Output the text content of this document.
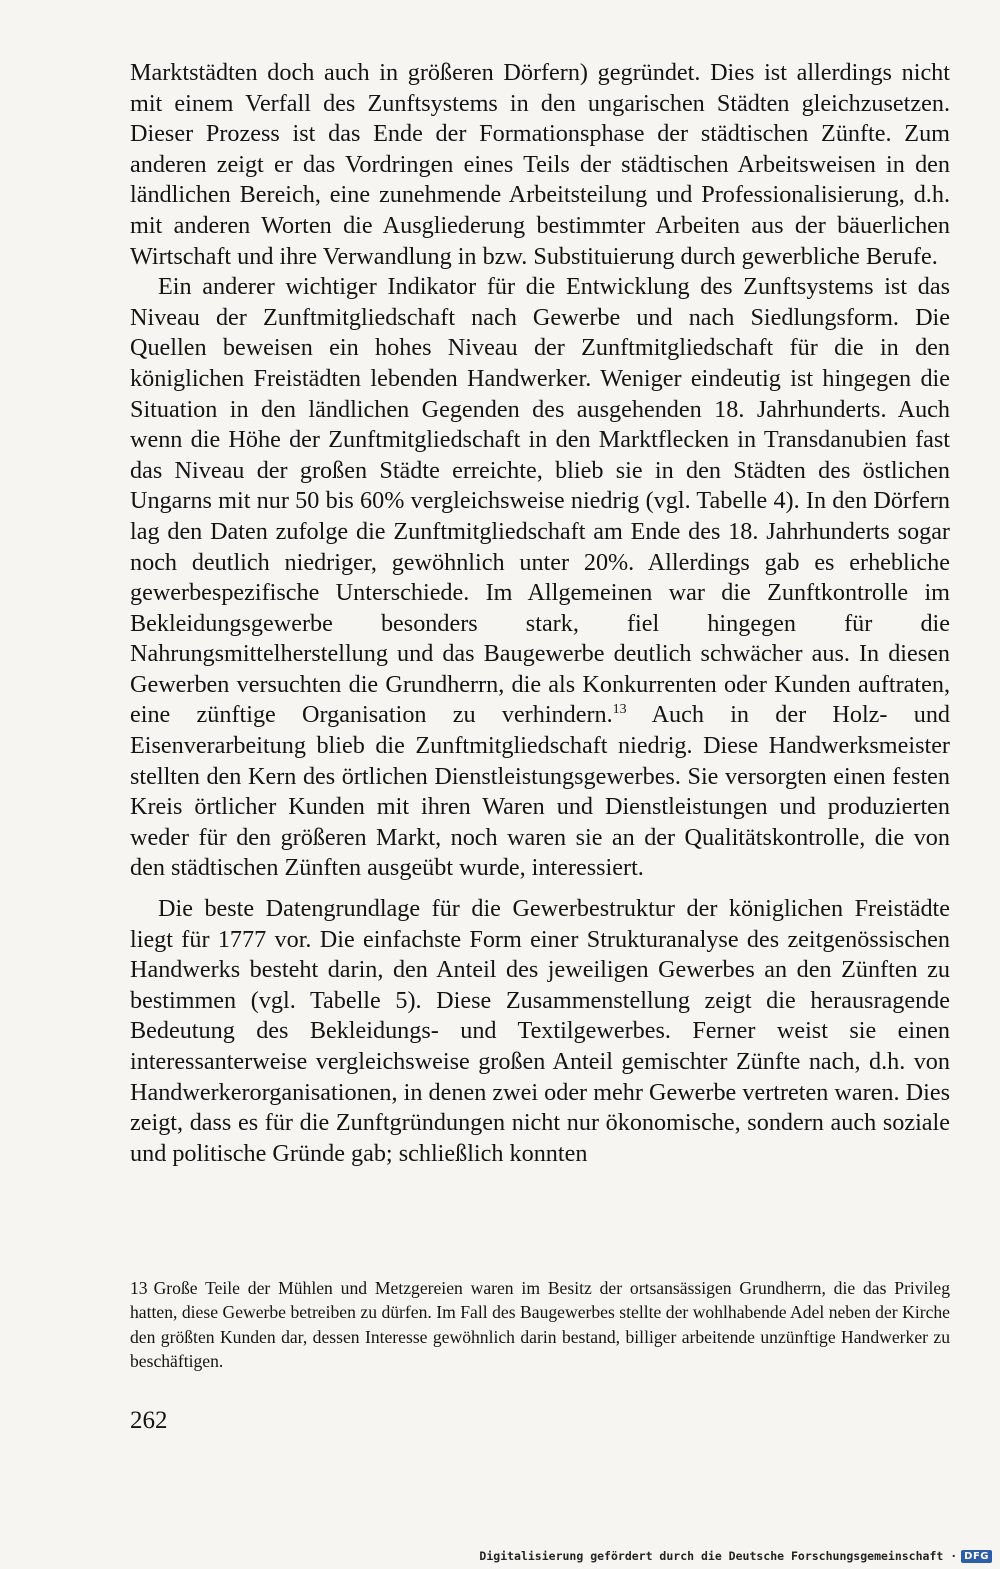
Marktstädten doch auch in größeren Dörfern) gegründet. Dies ist allerdings nicht mit einem Verfall des Zunftsystems in den ungarischen Städten gleichzusetzen. Dieser Prozess ist das Ende der Formationsphase der städtischen Zünfte. Zum anderen zeigt er das Vordringen eines Teils der städtischen Arbeitsweisen in den ländlichen Bereich, eine zunehmende Arbeitsteilung und Professionalisierung, d.h. mit anderen Worten die Ausgliederung bestimmter Arbeiten aus der bäuerlichen Wirtschaft und ihre Verwandlung in bzw. Substituierung durch gewerbliche Berufe.

Ein anderer wichtiger Indikator für die Entwicklung des Zunftsystems ist das Niveau der Zunftmitgliedschaft nach Gewerbe und nach Siedlungsform. Die Quellen beweisen ein hohes Niveau der Zunftmitgliedschaft für die in den königlichen Freistädten lebenden Handwerker. Weniger eindeutig ist hingegen die Situation in den ländlichen Gegenden des ausgehenden 18. Jahrhunderts. Auch wenn die Höhe der Zunftmitgliedschaft in den Marktflecken in Transdanubien fast das Niveau der großen Städte erreichte, blieb sie in den Städten des östlichen Ungarns mit nur 50 bis 60% vergleichsweise niedrig (vgl. Tabelle 4). In den Dörfern lag den Daten zufolge die Zunftmitgliedschaft am Ende des 18. Jahrhunderts sogar noch deutlich niedriger, gewöhnlich unter 20%. Allerdings gab es erhebliche gewerbespezifische Unterschiede. Im Allgemeinen war die Zunftkontrolle im Bekleidungsgewerbe besonders stark, fiel hingegen für die Nahrungsmittelherstellung und das Baugewerbe deutlich schwächer aus. In diesen Gewerben versuchten die Grundherrn, die als Konkurrenten oder Kunden auftraten, eine zünftige Organisation zu verhindern.$^{13}$ Auch in der Holz- und Eisenverarbeitung blieb die Zunftmitgliedschaft niedrig. Diese Handwerksmeister stellten den Kern des örtlichen Dienstleistungsgewerbes. Sie versorgten einen festen Kreis örtlicher Kunden mit ihren Waren und Dienstleistungen und produzierten weder für den größeren Markt, noch waren sie an der Qualitätskontrolle, die von den städtischen Zünften ausgeübt wurde, interessiert.

Die beste Datengrundlage für die Gewerbestruktur der königlichen Freistädte liegt für 1777 vor. Die einfachste Form einer Strukturanalyse des zeitgenössischen Handwerks besteht darin, den Anteil des jeweiligen Gewerbes an den Zünften zu bestimmen (vgl. Tabelle 5). Diese Zusammenstellung zeigt die herausragende Bedeutung des Bekleidungs- und Textilgewerbes. Ferner weist sie einen interessanterweise vergleichsweise großen Anteil gemischter Zünfte nach, d.h. von Handwerkerorganisationen, in denen zwei oder mehr Gewerbe vertreten waren. Dies zeigt, dass es für die Zunftgründungen nicht nur ökonomische, sondern auch soziale und politische Gründe gab; schließlich konnten

13 Große Teile der Mühlen und Metzgereien waren im Besitz der ortsansässigen Grundherrn, die das Privileg hatten, diese Gewerbe betreiben zu dürfen. Im Fall des Baugewerbes stellte der wohlhabende Adel neben der Kirche den größten Kunden dar, dessen Interesse gewöhnlich darin bestand, billiger arbeitende unzünftige Handwerker zu beschäftigen.

262
Digitalisierung gefördert durch die Deutsche Forschungsgemeinschaft · DFG
